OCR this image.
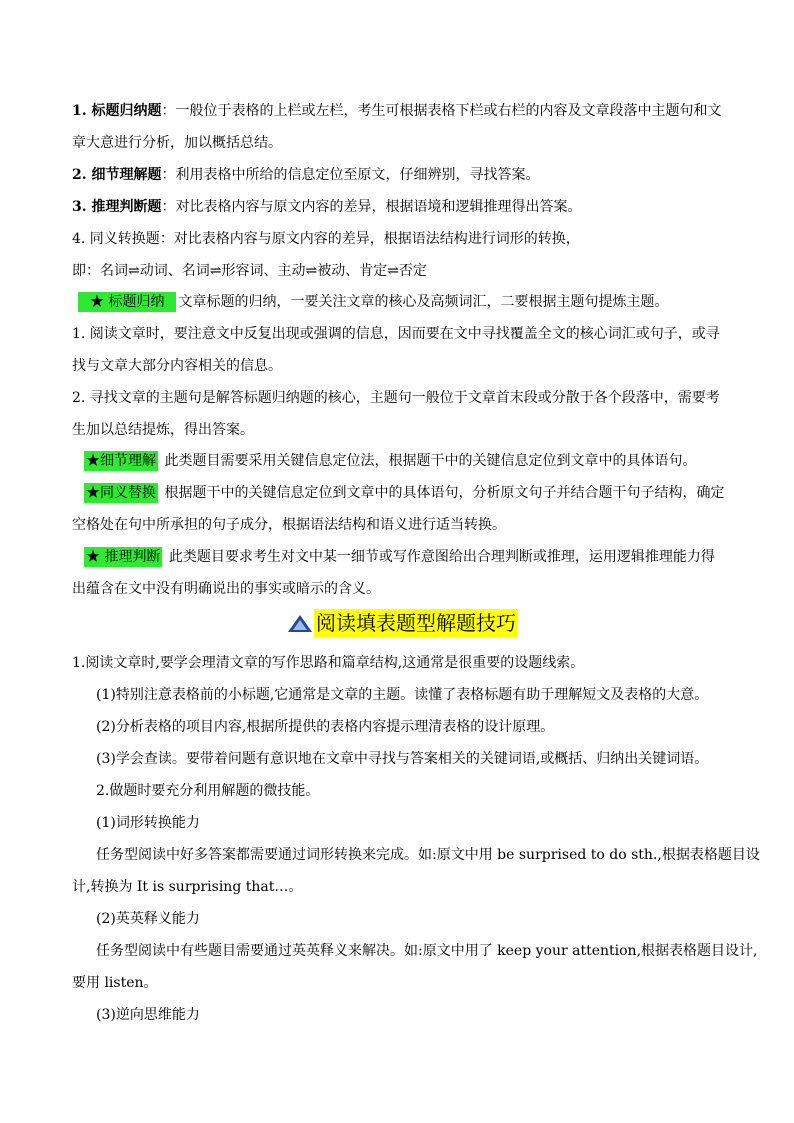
1. 标题归纳题：一般位于表格的上栏或左栏，考生可根据表格下栏或右栏的内容及文章段落中主题句和文
章大意进行分析，加以概括总结。
2. 细节理解题：利用表格中所给的信息定位至原文，仔细辨别，寻找答案。
3. 推理判断题：对比表格内容与原文内容的差异，根据语境和逻辑推理得出答案。
4. 同义转换题：对比表格内容与原文内容的差异，根据语法结构进行词形的转换，
即：名词⇌动词、名词⇌形容词、主动⇌被动、肯定⇌否定
★ 标题归纳 文章标题的归纳，一要关注文章的核心及高频词汇，二要根据主题句提炼主题。
1. 阅读文章时，要注意文中反复出现或强调的信息，因而要在文中寻找覆盖全文的核心词汇或句子，或寻
找与文章大部分内容相关的信息。
2. 寻找文章的主题句是解答标题归纳题的核心，主题句一般位于文章首末段或分散于各个段落中，需要考
生加以总结提炼，得出答案。
★细节理解 此类题目需要采用关键信息定位法，根据题干中的关键信息定位到文章中的具体语句。
★同义替换 根据题干中的关键信息定位到文章中的具体语句，分析原文句子并结合题干句子结构，确定
空格处在句中所承担的句子成分，根据语法结构和语义进行适当转换。
★ 推理判断 此类题目要求考生对文中某一细节或写作意图给出合理判断或推理，运用逻辑推理能力得
出蕴含在文中没有明确说出的事实或暗示的含义。
阅读填表题型解题技巧
1.阅读文章时,要学会理清文章的写作思路和篇章结构,这通常是很重要的设题线索。
(1)特别注意表格前的小标题,它通常是文章的主题。读懂了表格标题有助于理解短文及表格的大意。
(2)分析表格的项目内容,根据所提供的表格内容提示理清表格的设计原理。
(3)学会查读。要带着问题有意识地在文章中寻找与答案相关的关键词语,或概括、归纳出关键词语。
2.做题时要充分利用解题的微技能。
(1)词形转换能力
任务型阅读中好多答案都需要通过词形转换来完成。如:原文中用 be surprised to do sth.,根据表格题目设
计,转换为 It is surprising that…。
(2)英英释义能力
任务型阅读中有些题目需要通过英英释义来解决。如:原文中用了 keep your attention,根据表格题目设计,
要用 listen。
(3)逆向思维能力
